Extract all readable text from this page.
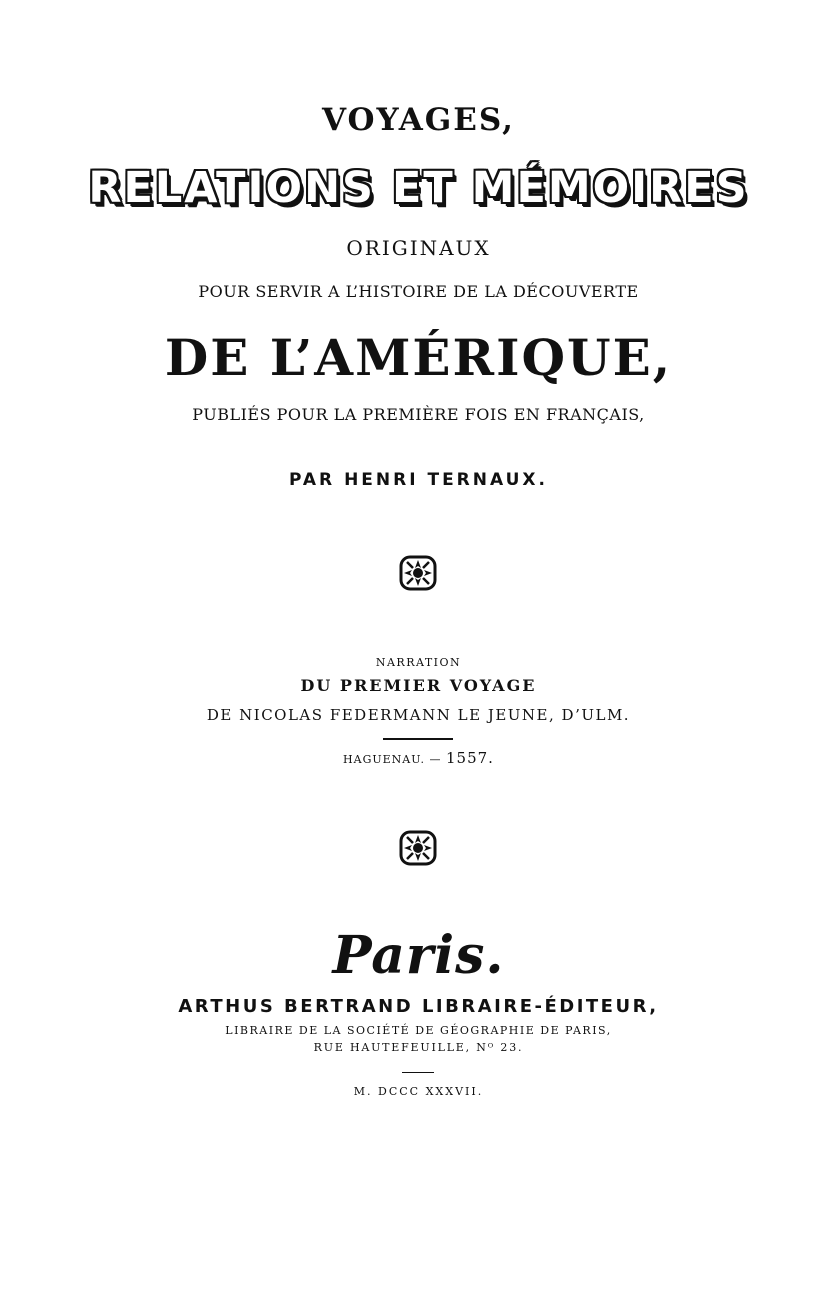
VOYAGES,
RELATIONS ET MÉMOIRES
ORIGINAUX
POUR SERVIR A L’HISTOIRE DE LA DÉCOUVERTE
DE L’AMÉRIQUE,
PUBLIÉS POUR LA PREMIÈRE FOIS EN FRANÇAIS,
PAR HENRI TERNAUX.
NARRATION
DU PREMIER VOYAGE
DE NICOLAS FEDERMANN LE JEUNE, D’ULM.
HAGUENAU. — 1557.
Paris.
ARTHUS BERTRAND LIBRAIRE-ÉDITEUR,
LIBRAIRE DE LA SOCIÉTÉ DE GÉOGRAPHIE DE PARIS,
RUE HAUTEFEUILLE, Nᴼ 23.
M. DCCC XXXVII.
